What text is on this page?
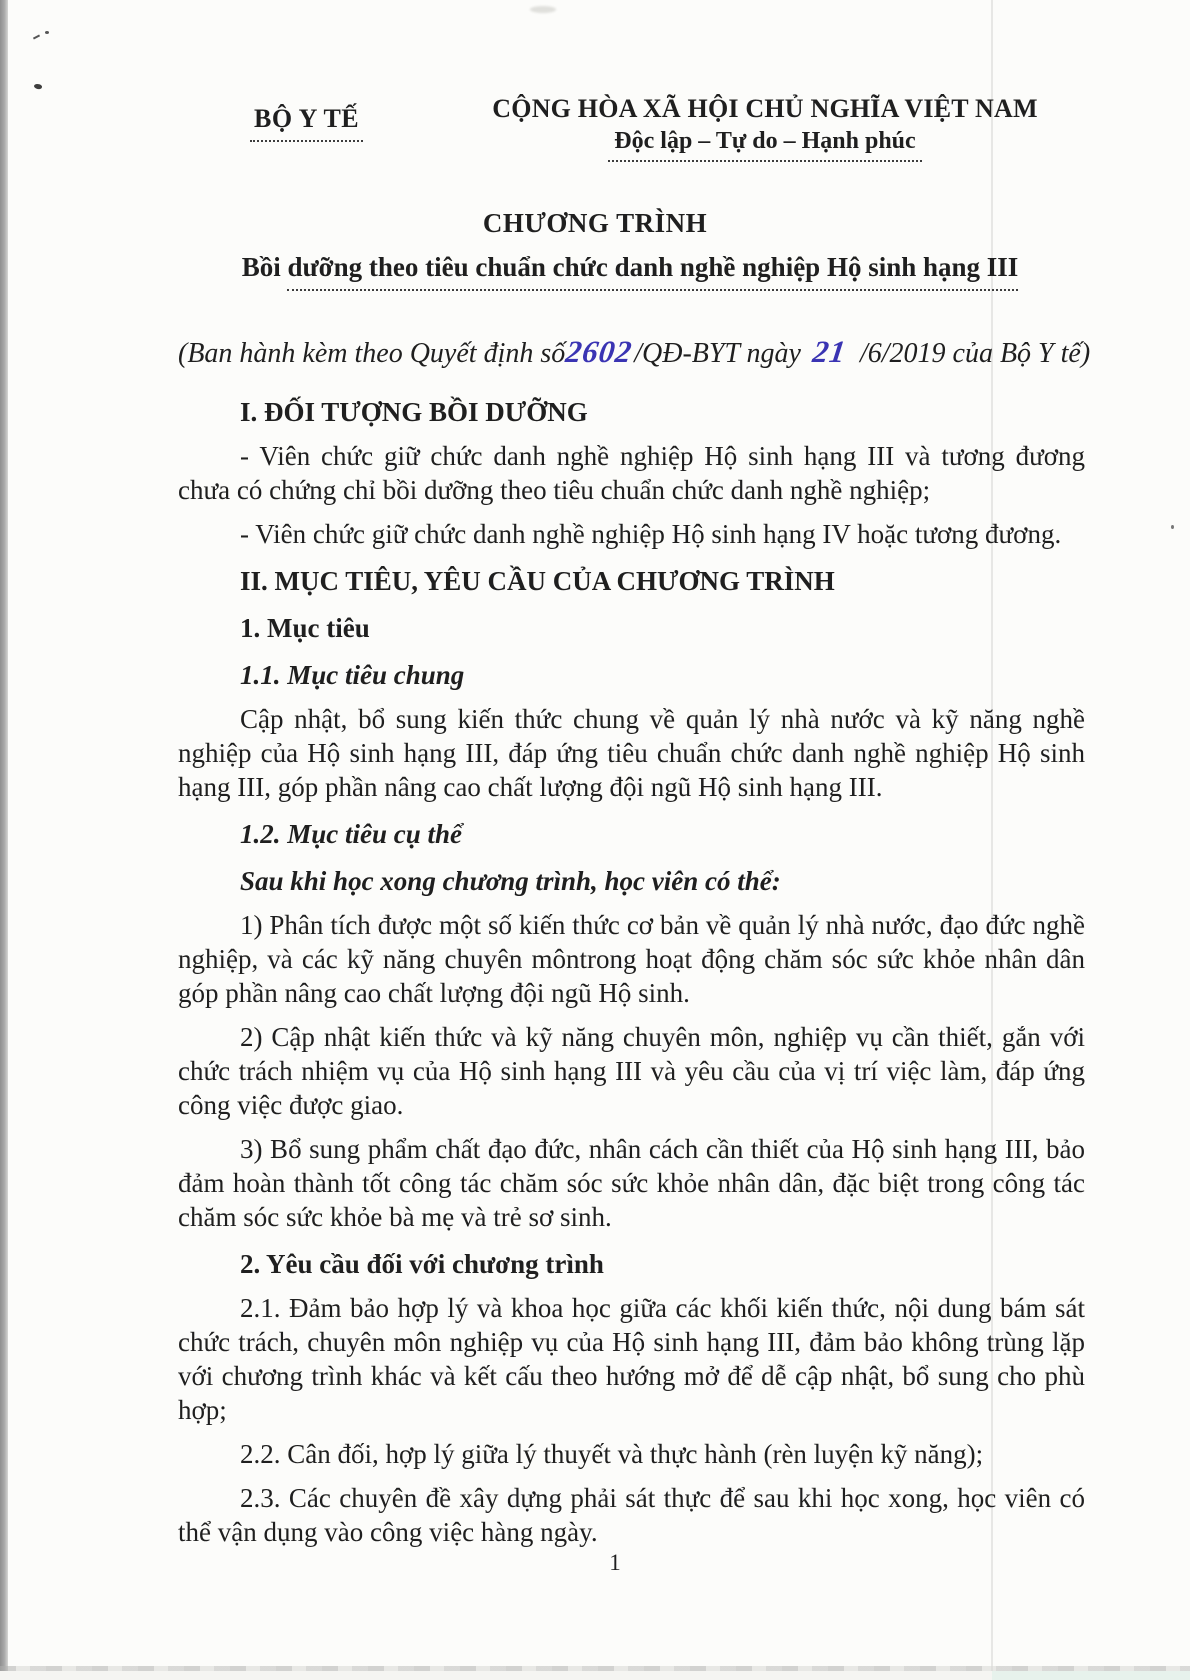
BỘ Y TẾ	CỘNG HÒA XÃ HỘI CHỦ NGHĨA VIỆT NAM
Độc lập – Tự do – Hạnh phúc
CHƯƠNG TRÌNH
Bồi dưỡng theo tiêu chuẩn chức danh nghề nghiệp Hộ sinh hạng III
(Ban hành kèm theo Quyết định số2602/QĐ-BYT ngày 21 /6/2019 của Bộ Y tế)

I. ĐỐI TƯỢNG BỒI DƯỠNG

- Viên chức giữ chức danh nghề nghiệp Hộ sinh hạng III và tương đương chưa có chứng chỉ bồi dưỡng theo tiêu chuẩn chức danh nghề nghiệp;

- Viên chức giữ chức danh nghề nghiệp Hộ sinh hạng IV hoặc tương đương.

II. MỤC TIÊU, YÊU CẦU CỦA CHƯƠNG TRÌNH

1. Mục tiêu

1.1. Mục tiêu chung

Cập nhật, bổ sung kiến thức chung về quản lý nhà nước và kỹ năng nghề nghiệp của Hộ sinh hạng III, đáp ứng tiêu chuẩn chức danh nghề nghiệp Hộ sinh hạng III, góp phần nâng cao chất lượng đội ngũ Hộ sinh hạng III.

1.2. Mục tiêu cụ thể

Sau khi học xong chương trình, học viên có thể:

1) Phân tích được một số kiến thức cơ bản về quản lý nhà nước, đạo đức nghề nghiệp, và các kỹ năng chuyên môntrong hoạt động chăm sóc sức khỏe nhân dân góp phần nâng cao chất lượng đội ngũ Hộ sinh.

2) Cập nhật kiến thức và kỹ năng chuyên môn, nghiệp vụ cần thiết, gắn với chức trách nhiệm vụ của Hộ sinh hạng III và yêu cầu của vị trí việc làm, đáp ứng công việc được giao.

3) Bổ sung phẩm chất đạo đức, nhân cách cần thiết của Hộ sinh hạng III, bảo đảm hoàn thành tốt công tác chăm sóc sức khỏe nhân dân, đặc biệt trong công tác chăm sóc sức khỏe bà mẹ và trẻ sơ sinh.

2. Yêu cầu đối với chương trình

2.1. Đảm bảo hợp lý và khoa học giữa các khối kiến thức, nội dung bám sát chức trách, chuyên môn nghiệp vụ của Hộ sinh hạng III, đảm bảo không trùng lặp với chương trình khác và kết cấu theo hướng mở để dễ cập nhật, bổ sung cho phù hợp;

2.2. Cân đối, hợp lý giữa lý thuyết và thực hành (rèn luyện kỹ năng);

2.3. Các chuyên đề xây dựng phải sát thực để sau khi học xong, học viên có thể vận dụng vào công việc hàng ngày.

1
